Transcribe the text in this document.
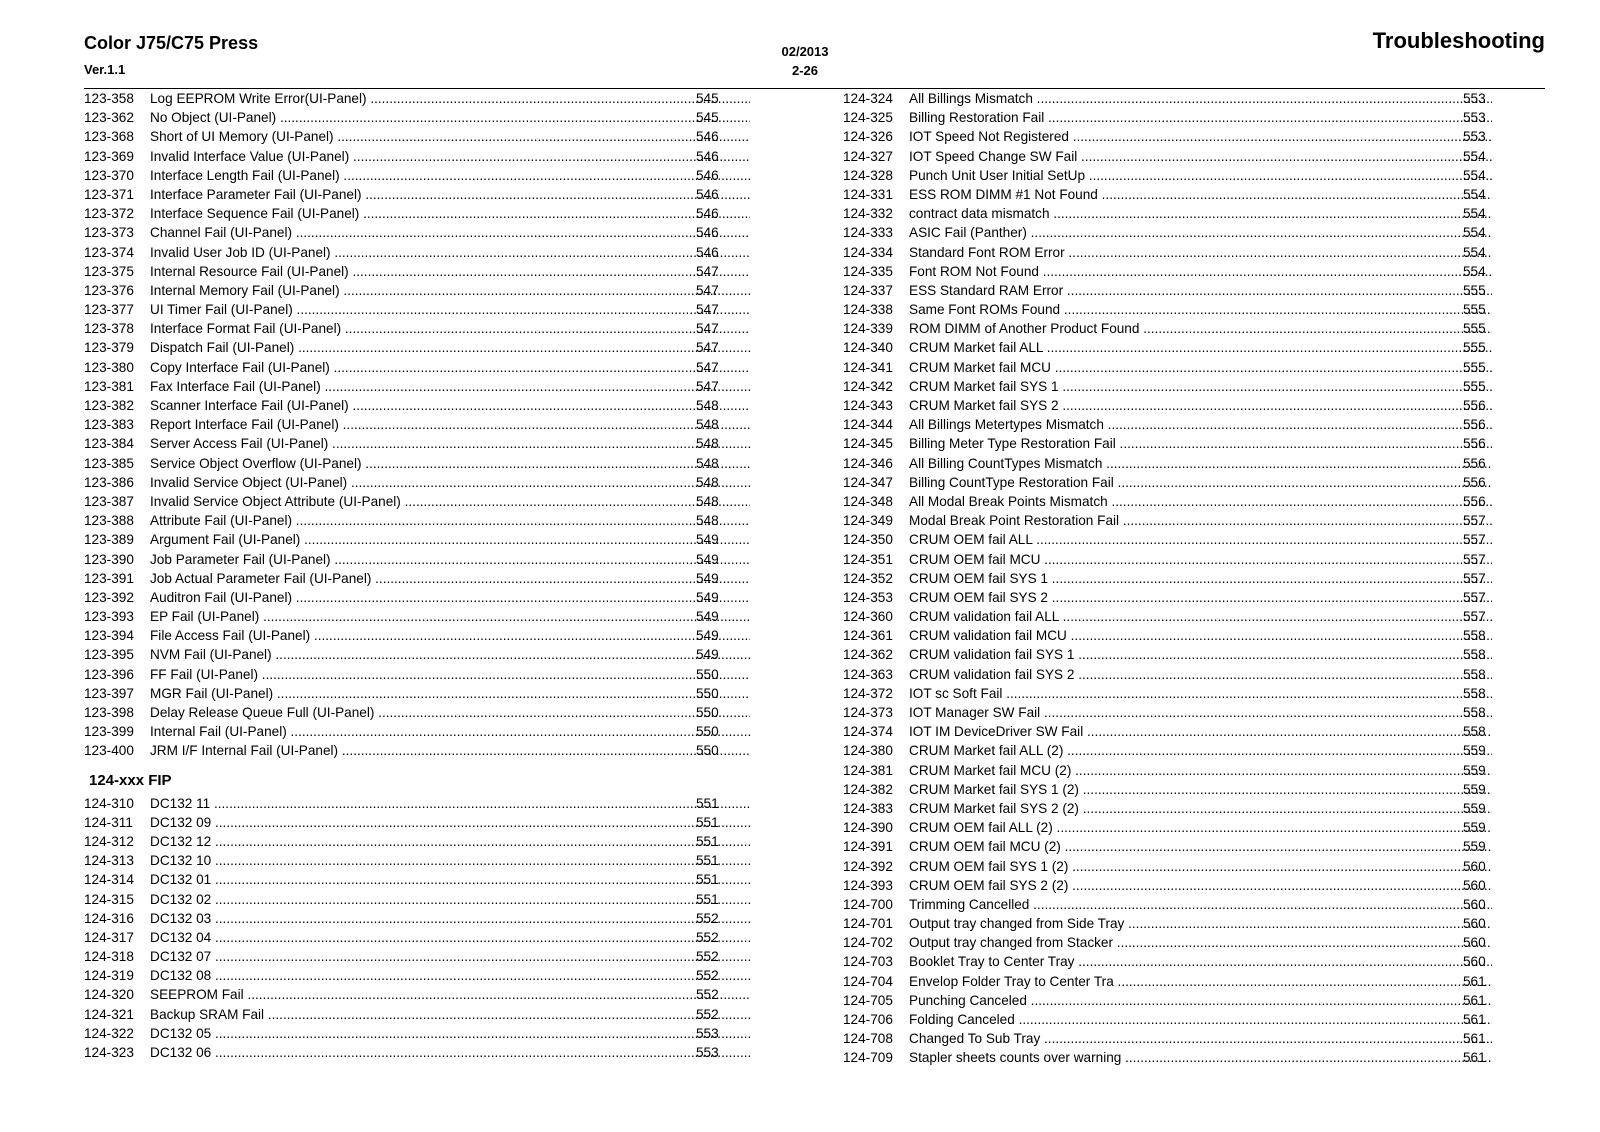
Color J75/C75 Press
Ver.1.1
02/2013
2-26
Troubleshooting
123-358	Log EEPROM Write Error(UI-Panel) .....	545
123-362	No Object (UI-Panel) .....	545
123-368	Short of UI Memory (UI-Panel) .....	546
123-369	Invalid Interface Value (UI-Panel) .....	546
123-370	Interface Length Fail (UI-Panel) .....	546
123-371	Interface Parameter Fail (UI-Panel) .....	546
123-372	Interface Sequence Fail (UI-Panel) .....	546
123-373	Channel Fail (UI-Panel) .....	546
123-374	Invalid User Job ID (UI-Panel) .....	546
123-375	Internal Resource Fail (UI-Panel) .....	547
123-376	Internal Memory Fail (UI-Panel) .....	547
123-377	UI Timer Fail (UI-Panel) .....	547
123-378	Interface Format Fail (UI-Panel) .....	547
123-379	Dispatch Fail (UI-Panel) .....	547
123-380	Copy Interface Fail (UI-Panel) .....	547
123-381	Fax Interface Fail (UI-Panel) .....	547
123-382	Scanner Interface Fail (UI-Panel) .....	548
123-383	Report Interface Fail (UI-Panel) .....	548
123-384	Server Access Fail (UI-Panel) .....	548
123-385	Service Object Overflow (UI-Panel) .....	548
123-386	Invalid Service Object (UI-Panel) .....	548
123-387	Invalid Service Object Attribute (UI-Panel) .....	548
123-388	Attribute Fail (UI-Panel) .....	548
123-389	Argument Fail (UI-Panel) .....	549
123-390	Job Parameter Fail (UI-Panel) .....	549
123-391	Job Actual Parameter Fail (UI-Panel) .....	549
123-392	Auditron Fail (UI-Panel) .....	549
123-393	EP Fail (UI-Panel) .....	549
123-394	File Access Fail (UI-Panel) .....	549
123-395	NVM Fail (UI-Panel) .....	549
123-396	FF Fail (UI-Panel) .....	550
123-397	MGR Fail (UI-Panel) .....	550
123-398	Delay Release Queue Full (UI-Panel) .....	550
123-399	Internal Fail (UI-Panel) .....	550
123-400	JRM I/F Internal Fail (UI-Panel) .....	550
124-xxx FIP
124-310	DC132 11 .....	551
124-311	DC132 09 .....	551
124-312	DC132 12 .....	551
124-313	DC132 10 .....	551
124-314	DC132 01 .....	551
124-315	DC132 02 .....	551
124-316	DC132 03 .....	552
124-317	DC132 04 .....	552
124-318	DC132 07 .....	552
124-319	DC132 08 .....	552
124-320	SEEPROM Fail .....	552
124-321	Backup SRAM Fail .....	552
124-322	DC132 05 .....	553
124-323	DC132 06 .....	553
124-324	All Billings Mismatch .....	553
124-325	Billing Restoration Fail .....	553
124-326	IOT Speed Not Registered .....	553
124-327	IOT Speed Change SW Fail .....	554
124-328	Punch Unit User Initial SetUp .....	554
124-331	ESS ROM DIMM #1 Not Found .....	554
124-332	contract data mismatch .....	554
124-333	ASIC Fail (Panther) .....	554
124-334	Standard Font ROM Error .....	554
124-335	Font ROM Not Found .....	554
124-337	ESS Standard RAM Error .....	555
124-338	Same Font ROMs Found .....	555
124-339	ROM DIMM of Another Product Found .....	555
124-340	CRUM Market fail ALL .....	555
124-341	CRUM Market fail MCU .....	555
124-342	CRUM Market fail SYS 1 .....	555
124-343	CRUM Market fail SYS 2 .....	556
124-344	All Billings Metertypes Mismatch .....	556
124-345	Billing Meter Type Restoration Fail .....	556
124-346	All Billing CountTypes Mismatch .....	556
124-347	Billing CountType Restoration Fail .....	556
124-348	All Modal Break Points Mismatch .....	556
124-349	Modal Break Point Restoration Fail .....	557
124-350	CRUM OEM fail ALL .....	557
124-351	CRUM OEM fail MCU .....	557
124-352	CRUM OEM fail SYS 1 .....	557
124-353	CRUM OEM fail SYS 2 .....	557
124-360	CRUM validation fail ALL .....	557
124-361	CRUM validation fail MCU .....	558
124-362	CRUM validation fail SYS 1 .....	558
124-363	CRUM validation fail SYS 2 .....	558
124-372	IOT sc Soft Fail .....	558
124-373	IOT Manager SW Fail .....	558
124-374	IOT IM DeviceDriver SW Fail .....	558
124-380	CRUM Market fail ALL (2) .....	559
124-381	CRUM Market fail MCU (2) .....	559
124-382	CRUM Market fail SYS 1 (2) .....	559
124-383	CRUM Market fail SYS 2 (2) .....	559
124-390	CRUM OEM fail ALL (2) .....	559
124-391	CRUM OEM fail MCU (2) .....	559
124-392	CRUM OEM fail SYS 1 (2) .....	560
124-393	CRUM OEM fail SYS 2 (2) .....	560
124-700	Trimming Cancelled .....	560
124-701	Output tray changed from Side Tray .....	560
124-702	Output tray changed from Stacker .....	560
124-703	Booklet Tray to Center Tray .....	560
124-704	Envelop Folder Tray to Center Tra .....	561
124-705	Punching Canceled .....	561
124-706	Folding Canceled .....	561
124-708	Changed To Sub Tray .....	561
124-709	Stapler sheets counts over warning .....	561
